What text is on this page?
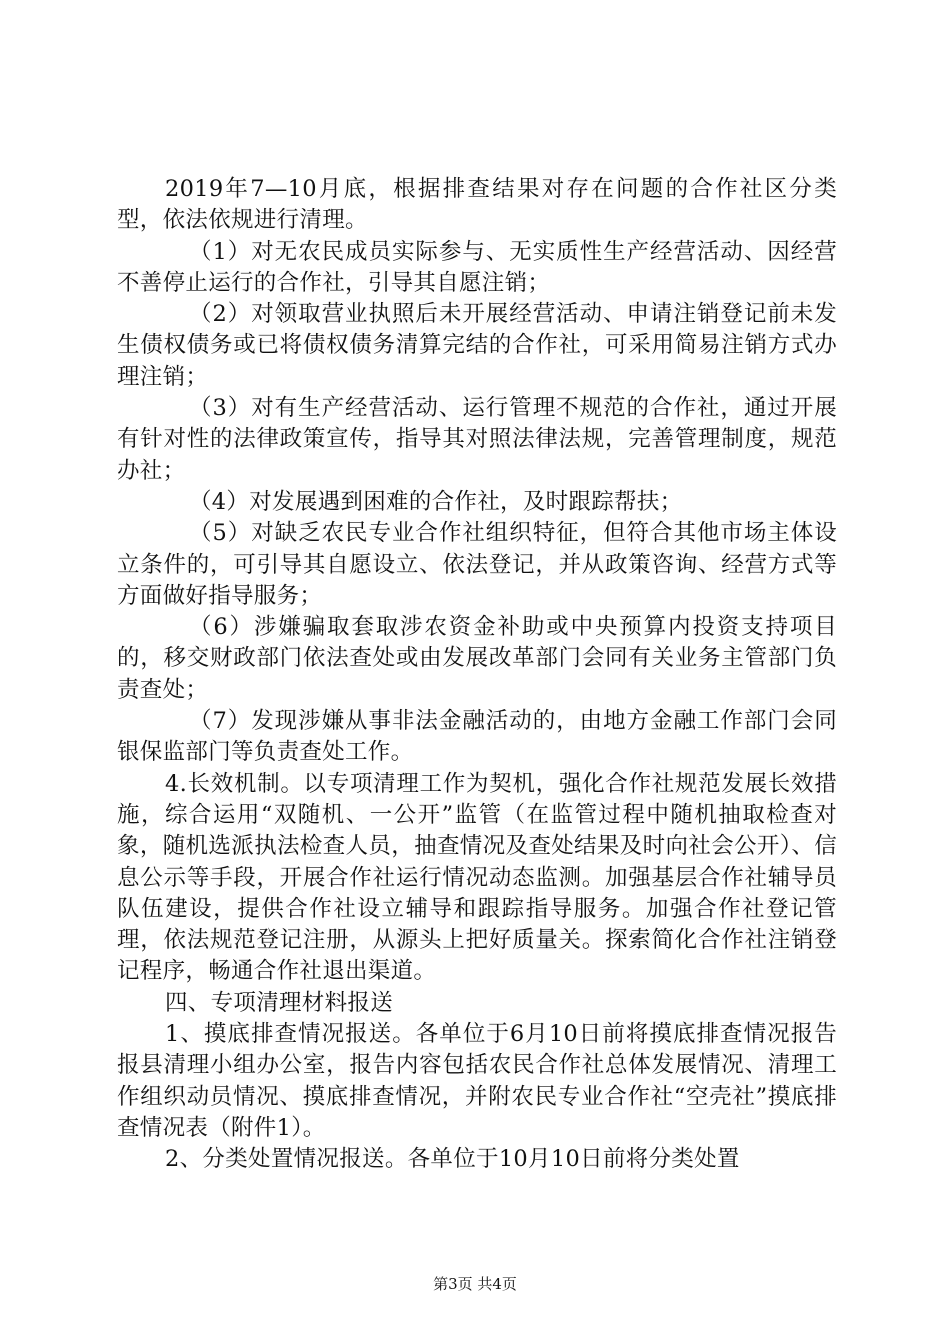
2019年7—10月底，根据排查结果对存在问题的合作社区分类型，依法依规进行清理。

（1）对无农民成员实际参与、无实质性生产经营活动、因经营不善停止运行的合作社，引导其自愿注销；

（2）对领取营业执照后未开展经营活动、申请注销登记前未发生债权债务或已将债权债务清算完结的合作社，可采用简易注销方式办理注销；

（3）对有生产经营活动、运行管理不规范的合作社，通过开展有针对性的法律政策宣传，指导其对照法律法规，完善管理制度，规范办社；

（4）对发展遇到困难的合作社，及时跟踪帮扶；

（5）对缺乏农民专业合作社组织特征，但符合其他市场主体设立条件的，可引导其自愿设立、依法登记，并从政策咨询、经营方式等方面做好指导服务；

（6）涉嫌骗取套取涉农资金补助或中央预算内投资支持项目的，移交财政部门依法查处或由发展改革部门会同有关业务主管部门负责查处；

（7）发现涉嫌从事非法金融活动的，由地方金融工作部门会同银保监部门等负责查处工作。

4.长效机制。以专项清理工作为契机，强化合作社规范发展长效措施，综合运用“双随机、一公开”监管（在监管过程中随机抽取检查对象，随机选派执法检查人员，抽查情况及查处结果及时向社会公开）、信息公示等手段，开展合作社运行情况动态监测。加强基层合作社辅导员队伍建设，提供合作社设立辅导和跟踪指导服务。加强合作社登记管理，依法规范登记注册，从源头上把好质量关。探索简化合作社注销登记程序，畅通合作社退出渠道。

四、专项清理材料报送

1、摸底排查情况报送。各单位于6月10日前将摸底排查情况报告报县清理小组办公室，报告内容包括农民合作社总体发展情况、清理工作组织动员情况、摸底排查情况，并附农民专业合作社“空壳社”摸底排查情况表（附件1）。

2、分类处置情况报送。各单位于10月10日前将分类处置

第3页 共4页
